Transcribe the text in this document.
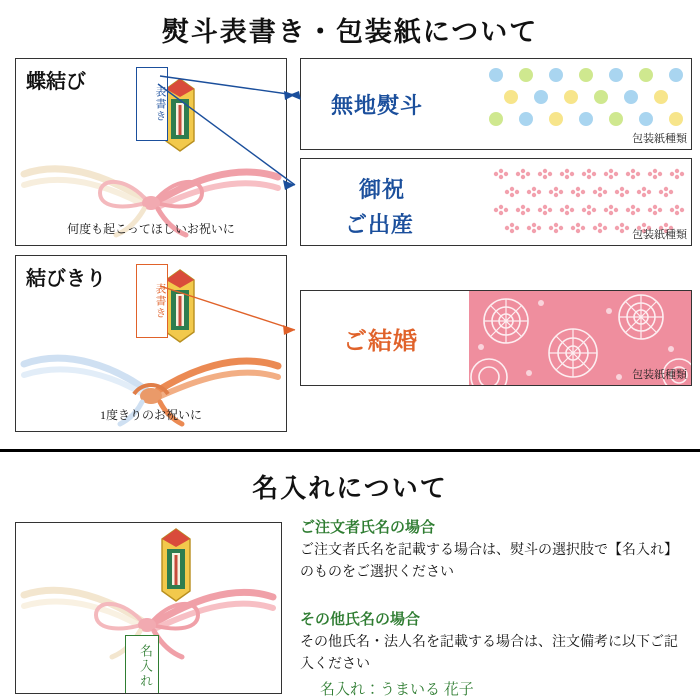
熨斗表書き・包装紙について
蝶結び
表書き
何度も起こってほしいお祝いに
結びきり
表書き
1度きりのお祝いに
無地熨斗
包装紙種類
御祝
ご出産	包装紙種類
ご結婚
包装紙種類
名入れについて
名入れ
ご注文者氏名の場合
ご注文者氏名を記載する場合は、熨斗の選択肢で【名入れ】のものをご選択ください
その他氏名の場合
その他氏名・法人名を記載する場合は、注文備考に以下ご記入ください
名入れ：うまいる 花子
